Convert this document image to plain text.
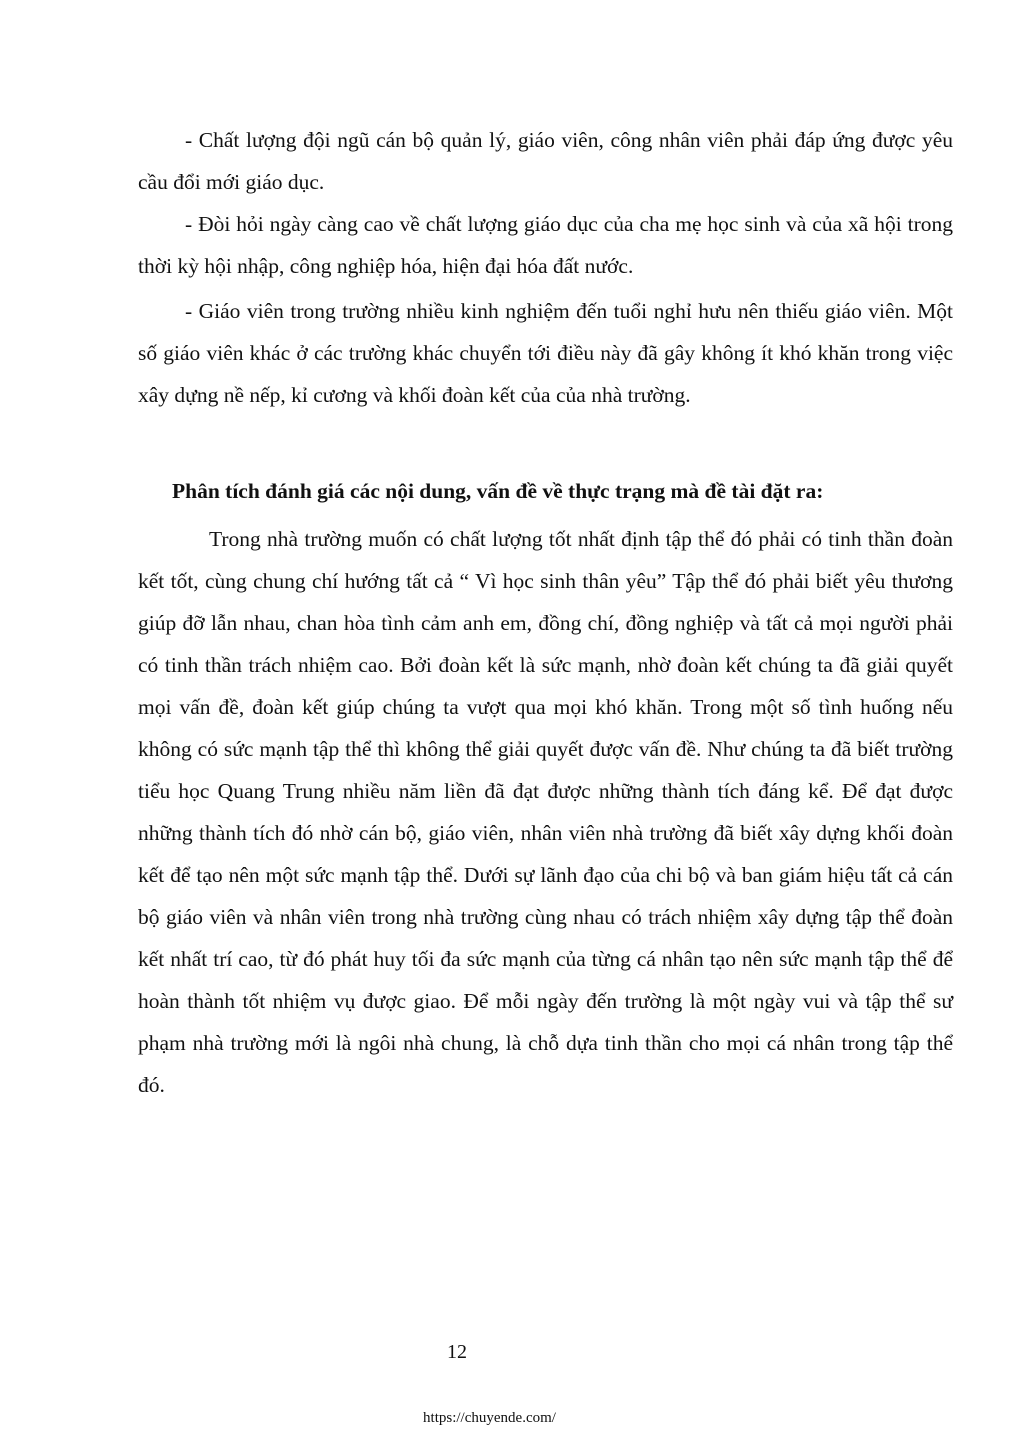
- Chất lượng đội ngũ cán bộ quản lý, giáo viên, công nhân viên phải đáp ứng được yêu cầu đổi mới giáo dục.

- Đòi hỏi ngày càng cao về chất lượng giáo dục của cha mẹ học sinh và của xã hội trong thời kỳ hội nhập, công nghiệp hóa, hiện đại hóa đất nước.

- Giáo viên trong trường nhiều kinh nghiệm đến tuổi nghỉ hưu nên thiếu giáo viên. Một số giáo viên khác ở các trường khác chuyển tới điều này đã gây không ít khó khăn trong việc xây dựng nề nếp, kỉ cương và khối đoàn kết của của nhà trường.

Phân tích đánh giá các nội dung, vấn đề về thực trạng mà đề tài đặt ra:

Trong nhà trường muốn có chất lượng tốt nhất định tập thể đó phải có tinh thần đoàn kết tốt, cùng chung chí hướng tất cả “ Vì học sinh thân yêu” Tập thể đó phải biết yêu thương giúp đỡ lẫn nhau, chan hòa tình cảm anh em, đồng chí, đồng nghiệp và tất cả mọi người phải có tinh thần trách nhiệm cao. Bởi đoàn kết là sức mạnh, nhờ đoàn kết chúng ta đã giải quyết mọi vấn đề, đoàn kết giúp chúng ta vượt qua mọi khó khăn. Trong một số tình huống nếu không có sức mạnh tập thể thì không thể giải quyết được vấn đề. Như chúng ta đã biết trường tiểu học Quang Trung nhiều năm liền đã đạt được những thành tích đáng kể. Để đạt được những thành tích đó nhờ cán bộ, giáo viên, nhân viên nhà trường đã biết xây dựng khối đoàn kết để tạo nên một sức mạnh tập thể. Dưới sự lãnh đạo của chi bộ và ban giám hiệu tất cả cán bộ giáo viên và nhân viên trong nhà trường cùng nhau có trách nhiệm xây dựng tập thể đoàn kết nhất trí cao, từ đó phát huy tối đa sức mạnh của từng cá nhân tạo nên sức mạnh tập thể để hoàn thành tốt nhiệm vụ được giao. Để mỗi ngày đến trường là một ngày vui và tập thể sư phạm nhà trường mới là ngôi nhà chung, là chỗ dựa tinh thần cho mọi cá nhân trong tập thể đó.

12
https://chuyende.com/
